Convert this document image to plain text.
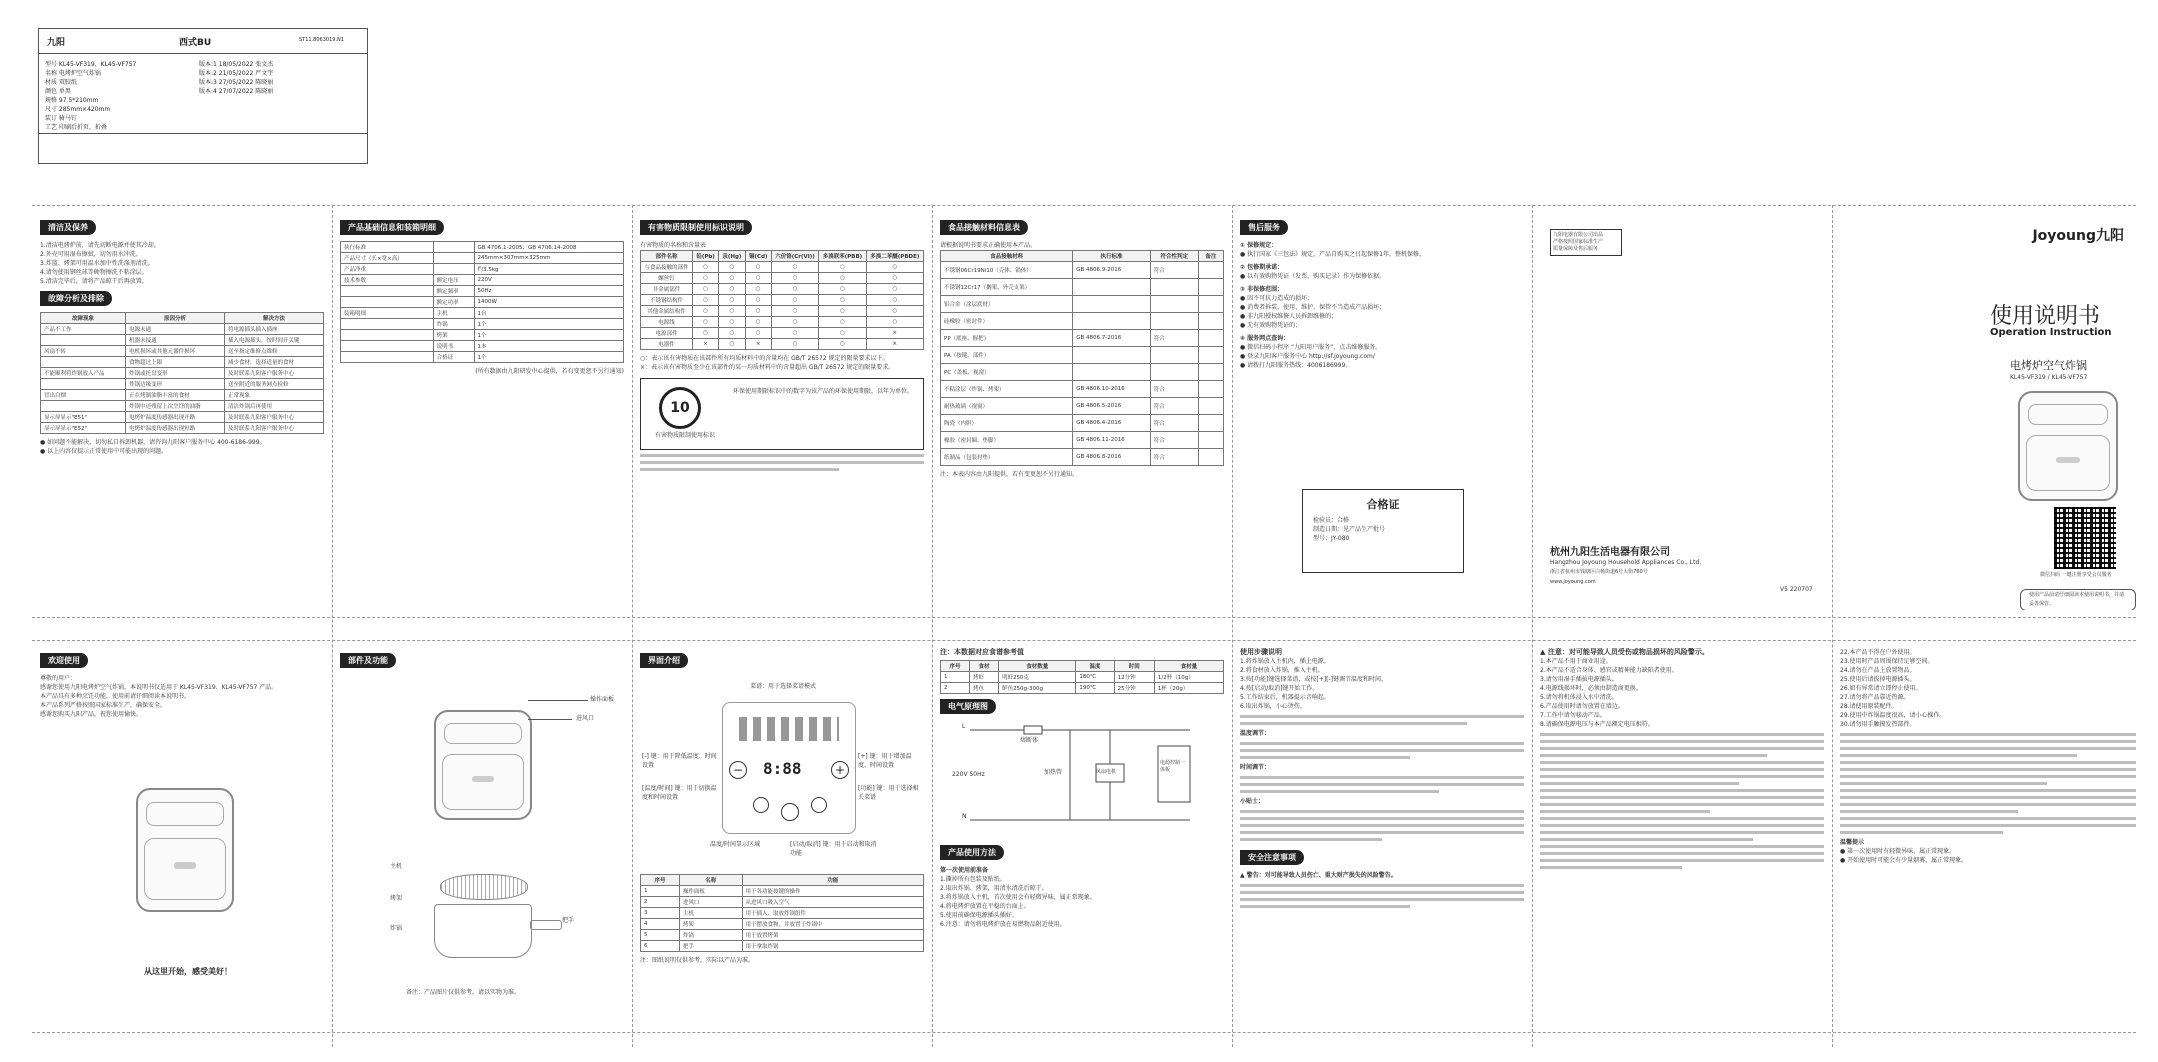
九阳	西式BU	ST11.8063019.N1
型号 KL45-VF319、KL45-VF757
名称 电烤炉空气炸锅
材质 双胶纸
颜色 单黑
规格 97.5*210mm
尺寸 285mm×420mm
装订 骑马钉
工艺 印刷后折页、折叠
版本:1 18/05/2022 张文杰
版本:2 21/05/2022 严文宇
版本:3 27/05/2022 陈晓丽
版本:4 27/07/2022 陈晓丽
清洁及保养
1.清洁电烤炉前，请先切断电源并使其冷却。
2.外壳可用湿布擦拭，切勿用水冲洗。
3.炸篮、烤架可用温水加中性洗涤剂清洗。
4.请勿使用钢丝球等硬物擦洗不粘涂层。
5.清洁完毕后，请将产品晾干后再放置。
故障分析及排除
故障现象	原因分析	解决方法
产品不工作	电源未通	将电源插头插入插座
	机器未接通	插入电源插头，按时间开关键
风扇不转	电机损坏或其他元器件损坏	送至指定维修点维修
	食物超过上限	减少食材，选择适量的食材
不能顺利将炸锅放入产品	炸锅或托盘变形	及时联系九阳客户服务中心
	炸锅边缘变形	送至附近的服务网点检修
冒出白烟	正在烤制油脂丰富的食材	正常现象
	炸锅中还残留上次烹饪的油脂	清洁炸锅后再使用
显示屏显示"E51"	电烤炉温度传感器出现开路	及时联系九阳客户服务中心
显示屏显示"E52"	电烤炉温度传感器出现短路	及时联系九阳客户服务中心
● 如问题不能解决，切勿私自拆卸机器，请咨询九阳客户服务中心 400-6186-999。
● 以上内容仅提示正常使用中可能出现的问题。
产品基础信息和装箱明细
执行标准		GB 4706.1-2005、GB 4706.14-2008
产品尺寸（长×宽×高）		245mm×307mm×325mm
产品净重		约3.5kg
技术参数	额定电压	220V
	额定频率	50Hz
	额定功率	1400W
装箱明细	主机	1台
	炸锅	1个
	烤架	1个
	说明书	1本
	合格证	1个
(所有数据由九阳研发中心提供，若有变更恕不另行通知)
有害物质限制使用标识说明
有害物质的名称和含量表
部件名称	铅(Pb)	汞(Hg)	镉(Cd)	六价铬(Cr(VI))	多溴联苯(PBB)	多溴二苯醚(PBDE)
与食品接触的部件	○	○	○	○	○	○
螺丝钉	○	○	○	○	○	○
非金属部件	○	○	○	○	○	○
不锈钢结构件	○	○	○	○	○	○
其他金属结构件	○	○	○	○	○	○
电源线	○	○	○	○	○	○
电源部件	○	○	○	○	○	×
电器件	×	○	×	○	○	×
○：表示该有害物质在该部件所有均质材料中的含量均在 GB/T 26572 规定的限量要求以下。
×：表示该有害物质至少在该部件的某一均质材料中的含量超出 GB/T 26572 规定的限量要求。
10
有害物质限制使用标识
环保使用期限标识中的数字为该产品的环保使用期限，以年为单位。
食品接触材料信息表
请根据说明书要求正确使用本产品。
食品接触材料	执行标准	符合性判定	备注
不锈钢06Cr19Ni10（壳体、锅体）	GB 4806.9-2016	符合	
不锈钢12Cr17（搁架、外壳支架）			
铝合金（涂层底材）			
硅橡胶（密封件）			
PP（底座、握把）	GB 4806.7-2016	符合	
PA（按键、部件）			
PC（盖板、视窗）			
不粘涂层（炸锅、烤架）	GB 4806.10-2016	符合	
耐热玻璃（视窗）	GB 4806.5-2016	符合	
陶瓷（内胆）	GB 4806.4-2016	符合	
橡胶（密封圈、垫脚）	GB 4806.11-2016	符合	
纸制品（包装衬垫）	GB 4806.8-2016	符合	
注：本表内容由九阳提供，若有变更恕不另行通知。
售后服务
① 保修规定：
● 执行国家《三包法》规定，产品自购买之日起保修1年，整机保修。
② 包修期承诺：
● 以有效购物凭证（发票、购买记录）作为保修依据。
③ 非保修范围：
● 因不可抗力造成的损坏；
● 消费者拆装、使用、维护、保管不当造成产品损坏；
● 非九阳授权维修人员拆卸维修的；
● 无有效购物凭证的；
④ 服务网点查询：
● 微信扫码小程序 “九阳用户服务”，点击维修服务。
● 登录九阳客户服务中心 http://sf.joyoung.com/
● 请拨打九阳服务热线：4006186999。
合格证
检验员：合格
制造日期：见产品生产批号
型号：JY-080
九阳电器有限公司出品
严格按照国家标准生产
质量保障及售后服务
杭州九阳生活电器有限公司
Hangzhou Joyoung Household Appliances Co., Ltd.
浙江省杭州市钱塘区白杨街道6号大街760号
www.joyoung.com
V5 220707
Joyoung九阳
使用说明书
Operation Instruction
电烤炉空气炸锅
KL45-VF319 / KL45-VF757
微信扫码 一键注册享受会员服务
使用产品前请仔细阅读本使用说明书，并请妥善保管。
欢迎使用
尊敬的用户：
感谢您使用九阳电烤炉空气炸锅，本说明书仅适用于 KL45-VF319、KL45-VF757 产品。
本产品具有多种烹饪功能，使用前请仔细阅读本说明书。
本产品系列严格按照国家标准生产，确保安全。
感谢您购买九阳产品，祝您使用愉快。
从这里开始，感受美好！
部件及功能
操作面板
进风口
主机
烤架
炸锅
把手
备注：产品图片仅供参考，请以实物为准。
界面介绍
菜谱：用于选择菜谱模式
− 8:88	+
[-] 键：用于降低温度、时间设置
[温度/时间] 键：用于切换温度和时间设置
[+] 键：用于增加温度、时间设置
[功能] 键：用于选择相关菜谱
温度/时间显示区域	[启动/取消] 键：用于启动和取消功能
序号	名称	功能
1	操作面板	用于各功能按键的操作
2	进风口	从进风口吸入空气
3	主机	用于插入、取放炸锅组件
4	烤架	用于摆放食物，并放置于炸锅中
5	炸锅	用于放置烤架
6	把手	用于拿取炸锅
注：图纸说明仅供参考，实际以产品为准。
注：本数据对应食谱参考值
序号	食材	食材数量	温度	时间	食材量
1	烤虾	明虾250克	180℃	12分钟	1/2杯（10g）
2	烤鱼	鲈鱼250g-300g	190℃	25分钟	1杯（20g）
电气原理图
220V 50Hz
L
N
熔断体
加热管	风扇电机
电源控制一体板
产品使用方法
第一次使用前准备
1.撕掉所有包装及贴纸。
2.取出炸锅、烤架，用清水清洗后晾干。
3.将炸锅放入主机，首次使用会有轻微异味，属正常现象。
4.将电烤炉放置在平稳的台面上。
5.使用前确保电源插头插好。
6.注意：请勿将电烤炉放在易燃物品附近使用。
使用步骤说明
1.将炸锅放入主机内，插上电源。
2.将食材放入炸锅，推入主机。
3.按[功能]键选择菜谱，或按[+][-]键调节温度和时间。
4.按[启动/取消]键开始工作。
5.工作结束后，机器提示音响起。
6.取出炸锅，小心烫伤。
温度调节：
时间调节：
小贴士：
安全注意事项
▲ 警告：对可能导致人员伤亡、重大财产损失的风险警告。
▲ 注意：对可能导致人员受伤或物品损坏的风险警示。
1.本产品不用于商业用途。
2.本产品不适合身体、感官或精神能力缺陷者使用。
3.请勿用湿手插拔电源插头。
4.电源线损坏时，必须由制造商更换。
5.请勿将机体浸入水中清洗。
6.产品使用时请勿放置在墙边。
7.工作中请勿移动产品。
8.请确保电源电压与本产品额定电压相符。
22.本产品不得在户外使用。
23.使用时产品周围保持足够空间。
24.请勿在产品上放置物品。
25.使用后请拔掉电源插头。
26.如有异常请立即停止使用。
27.请勿将产品靠近热源。
28.请使用原装配件。
29.使用中炸锅温度很高，请小心操作。
30.请勿用手触摸发热部件。
温馨提示
● 第一次使用时有轻微异味，属正常现象。
● 开始使用时可能会有少量烟雾，属正常现象。
